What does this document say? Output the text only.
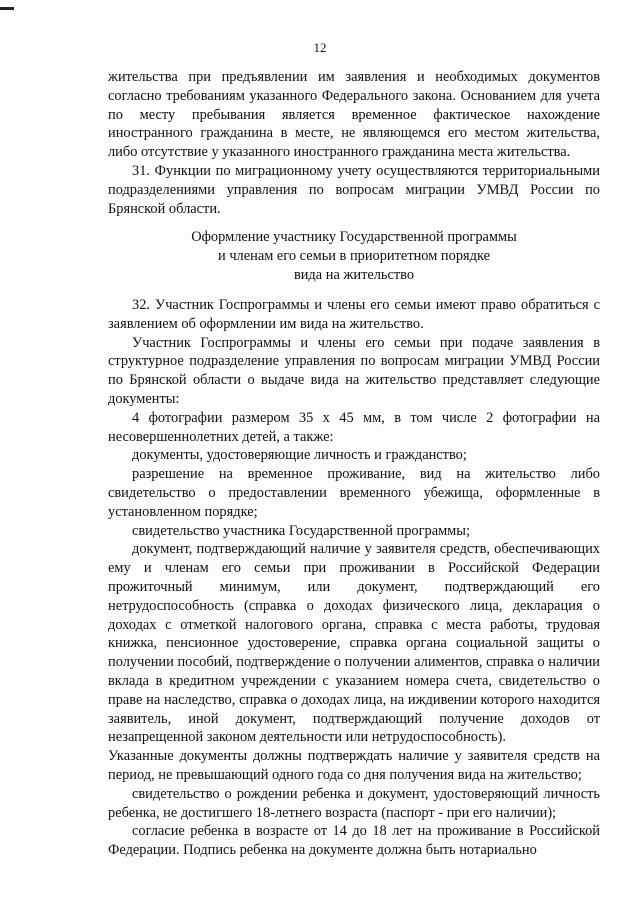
12

жительства при предъявлении им заявления и необходимых документов согласно требованиям указанного Федерального закона. Основанием для учета по месту пребывания является временное фактическое нахождение иностранного гражданина в месте, не являющемся его местом жительства, либо отсутствие у указанного иностранного гражданина места жительства.

31. Функции по миграционному учету осуществляются территориальными подразделениями управления по вопросам миграции УМВД России по Брянской области.

Оформление участнику Государственной программы
и членам его семьи в приоритетном порядке
вида на жительство

32. Участник Госпрограммы и члены его семьи имеют право обратиться с заявлением об оформлении им вида на жительство.

Участник Госпрограммы и члены его семьи при подаче заявления в структурное подразделение управления по вопросам миграции УМВД России по Брянской области о выдаче вида на жительство представляет следующие документы:

4 фотографии размером 35 х 45 мм, в том числе 2 фотографии на несовершеннолетних детей, а также:

документы, удостоверяющие личность и гражданство;

разрешение на временное проживание, вид на жительство либо свидетельство о предоставлении временного убежища, оформленные в установленном порядке;

свидетельство участника Государственной программы;

документ, подтверждающий наличие у заявителя средств, обеспечивающих ему и членам его семьи при проживании в Российской Федерации прожиточный минимум, или документ, подтверждающий его нетрудоспособность (справка о доходах физического лица, декларация о доходах с отметкой налогового органа, справка с места работы, трудовая книжка, пенсионное удостоверение, справка органа социальной защиты о получении пособий, подтверждение о получении алиментов, справка о наличии вклада в кредитном учреждении с указанием номера счета, свидетельство о праве на наследство, справка о доходах лица, на иждивении которого находится заявитель, иной документ, подтверждающий получение доходов от незапрещенной законом деятельности или нетрудоспособность).

Указанные документы должны подтверждать наличие у заявителя средств на период, не превышающий одного года со дня получения вида на жительство;

свидетельство о рождении ребенка и документ, удостоверяющий личность ребенка, не достигшего 18-летнего возраста (паспорт - при его наличии);

согласие ребенка в возрасте от 14 до 18 лет на проживание в Российской Федерации. Подпись ребенка на документе должна быть нотариально
